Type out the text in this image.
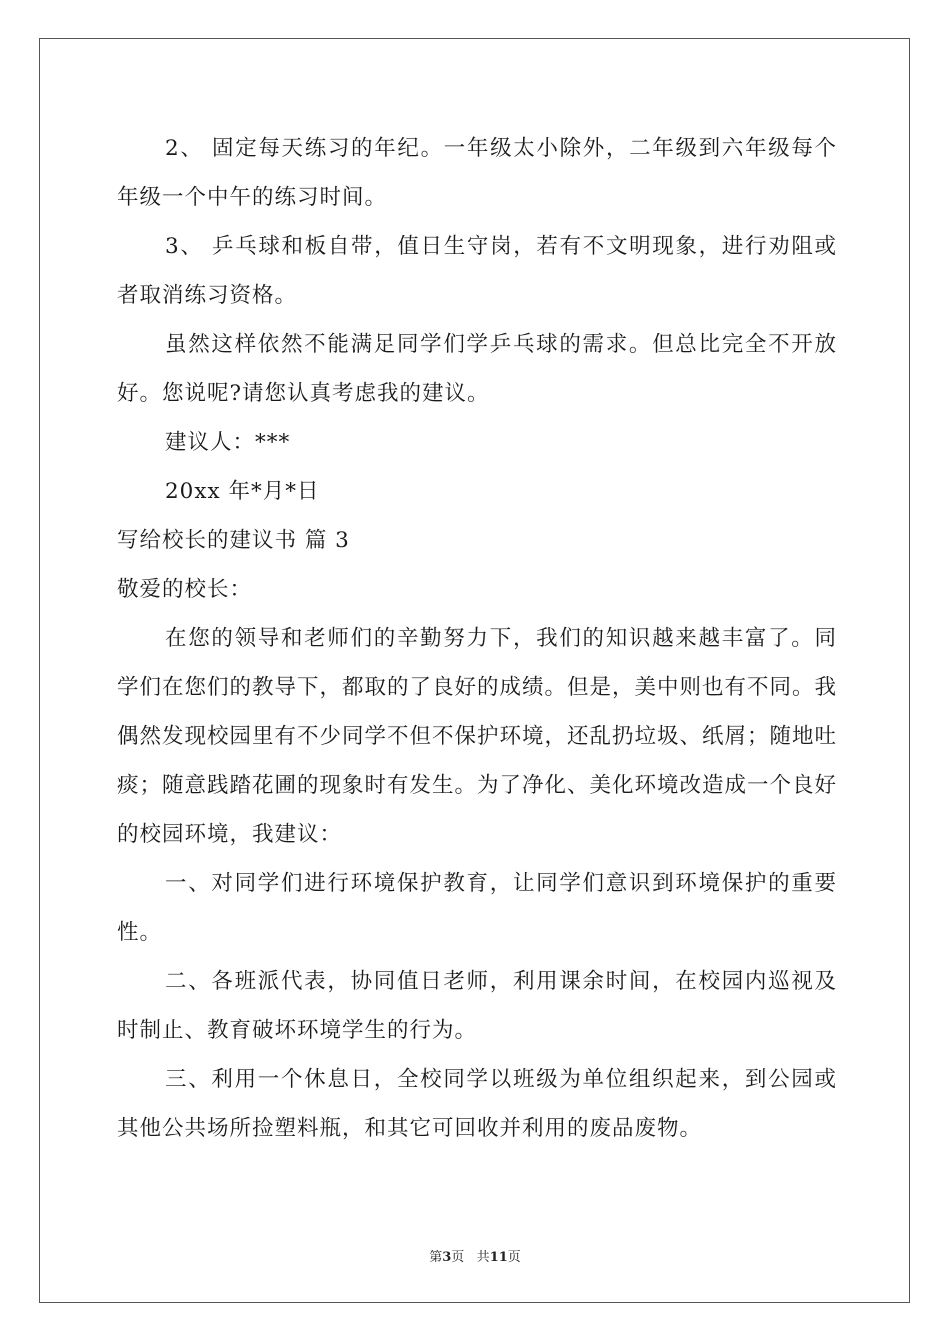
2、 固定每天练习的年纪。一年级太小除外，二年级到六年级每个年级一个中午的练习时间。

3、 乒乓球和板自带，值日生守岗，若有不文明现象，进行劝阻或者取消练习资格。

虽然这样依然不能满足同学们学乒乓球的需求。但总比完全不开放好。您说呢?请您认真考虑我的建议。

建议人：***

20xx 年*月*日

写给校长的建议书 篇 3

敬爱的校长：

在您的领导和老师们的辛勤努力下，我们的知识越来越丰富了。同学们在您们的教导下，都取的了良好的成绩。但是，美中则也有不同。我偶然发现校园里有不少同学不但不保护环境，还乱扔垃圾、纸屑；随地吐痰；随意践踏花圃的现象时有发生。为了净化、美化环境改造成一个良好的校园环境，我建议：

一、对同学们进行环境保护教育，让同学们意识到环境保护的重要性。

二、各班派代表，协同值日老师，利用课余时间，在校园内巡视及时制止、教育破坏环境学生的行为。

三、利用一个休息日，全校同学以班级为单位组织起来，到公园或其他公共场所捡塑料瓶，和其它可回收并利用的废品废物。

第3页 共11页
